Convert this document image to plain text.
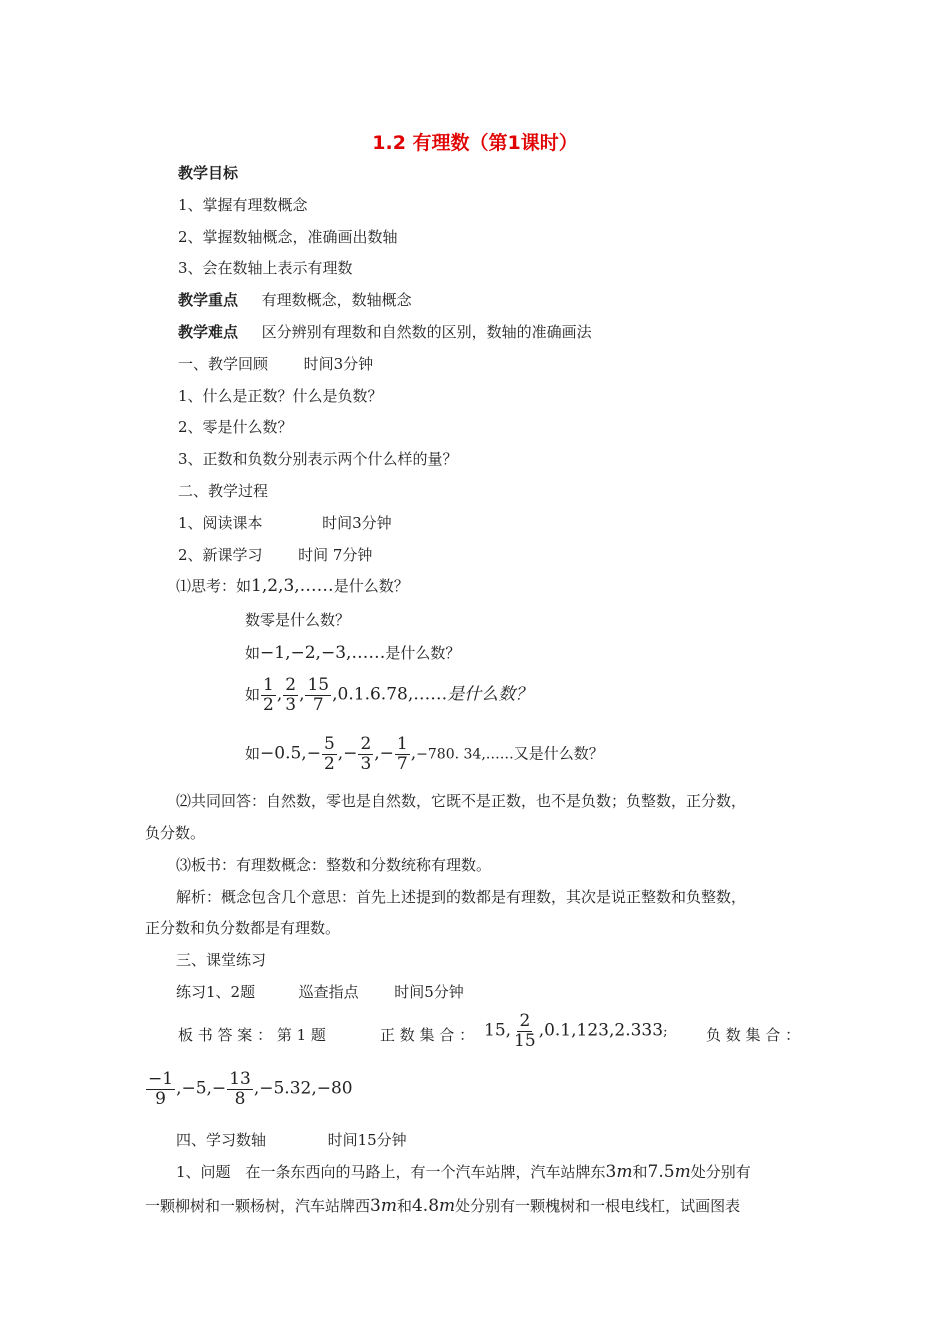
1.2 有理数（第1课时）
教学目标
1、掌握有理数概念
2、掌握数轴概念，准确画出数轴
3、会在数轴上表示有理数
教学重点 有理数概念，数轴概念
教学难点 区分辨别有理数和自然数的区别，数轴的准确画法
一、教学回顾 时间3分钟
1、什么是正数？什么是负数？
2、零是什么数？
3、正数和负数分别表示两个什么样的量？
二、教学过程
1、阅读课本	时间3分钟
2、新课学习 时间 7分钟
⑴思考：如1,2,3,……是什么数？
数零是什么数？
如−1,−2,−3,……是什么数？
如 $\frac{1}{2}$ , $\frac{2}{3}$ , $\frac{15}{7}$ ,0.1.6.78,……是什么数？
如$-0.5,- \frac{5}{2}$ ,− $\frac{2}{3}$ ,− $\frac{1}{7} ,-780$. 34,……又是什么数？
⑵共同回答：自然数，零也是自然数，它既不是正数，也不是负数；负整数，正分数，
负分数。
⑶板书：有理数概念：整数和分数统称有理数。
解析：概念包含几个意思：首先上述提到的数都是有理数，其次是说正整数和负整数，
正分数和负分数都是有理数。
三、课堂练习
练习1、2题	巡查指点 时间5分钟
板 书 答 案 ： 第 1 题	正 数 集 合 ： 15, $\frac{2}{15} ,0.1,123,2.333$;	负 数 集 合 ：
$\frac{-1}{9} ,-5,- \frac{13}{8} ,-5.32,-80$
四、学习数轴	时间15分钟
1、问题　在一条东西向的马路上，有一个汽车站牌，汽车站牌东3m和7.5m处分别有
一颗柳树和一颗杨树，汽车站牌西3m和4.8m处分别有一颗槐树和一根电线杠，试画图表
